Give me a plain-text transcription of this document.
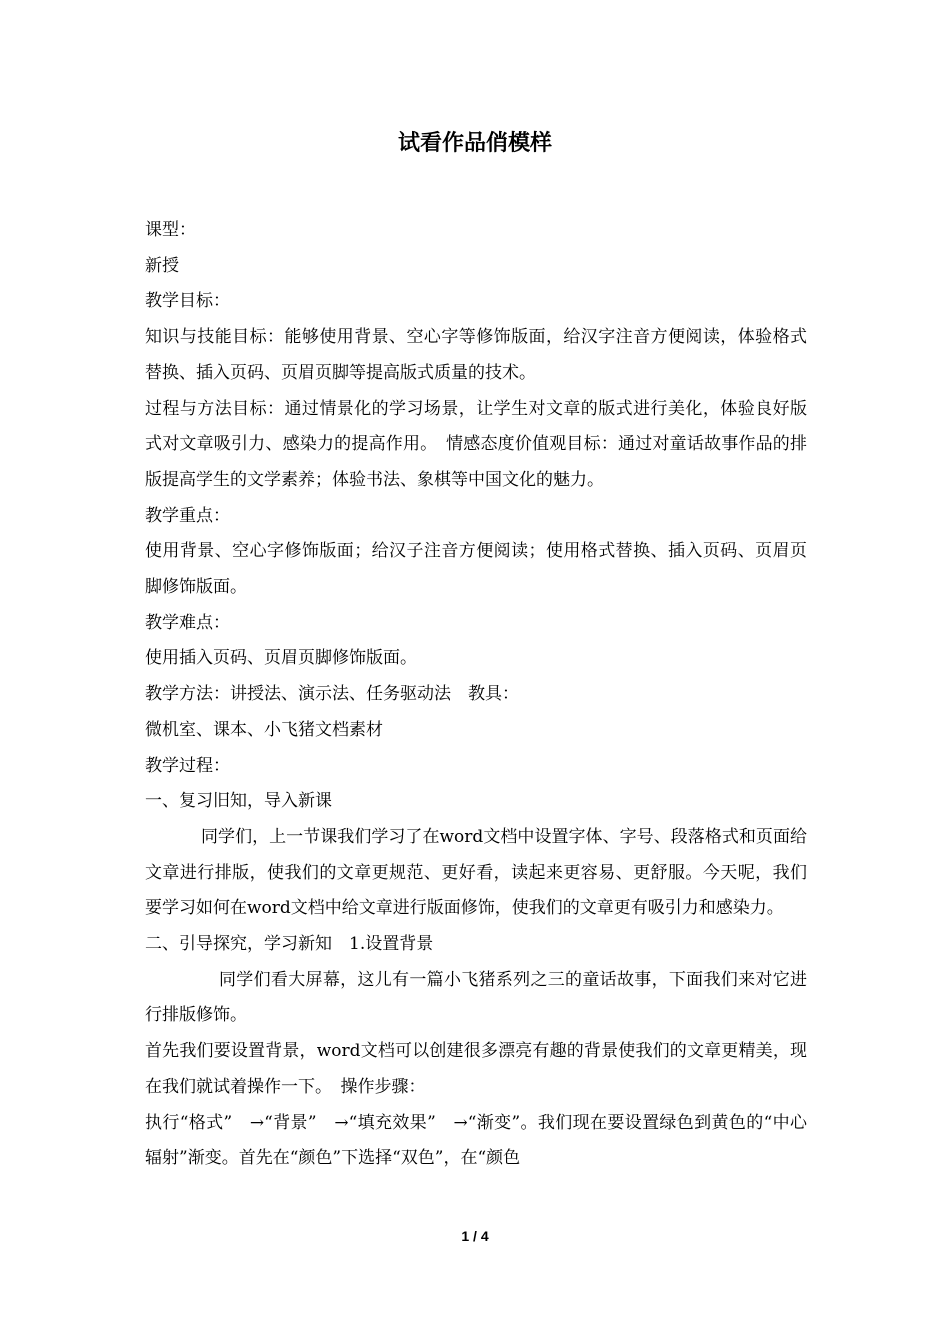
试看作品俏模样

课型：

新授

教学目标：

知识与技能目标：能够使用背景、空心字等修饰版面，给汉字注音方便阅读，体验格式替换、插入页码、页眉页脚等提高版式质量的技术。

过程与方法目标：通过情景化的学习场景，让学生对文章的版式进行美化，体验良好版式对文章吸引力、感染力的提高作用。　情感态度价值观目标：通过对童话故事作品的排版提高学生的文学素养；体验书法、象棋等中国文化的魅力。

教学重点：

使用背景、空心字修饰版面；给汉子注音方便阅读；使用格式替换、插入页码、页眉页脚修饰版面。

教学难点：

使用插入页码、页眉页脚修饰版面。

教学方法：讲授法、演示法、任务驱动法　教具：

微机室、课本、小飞猪文档素材

教学过程：

一、复习旧知，导入新课

同学们，上一节课我们学习了在word文档中设置字体、字号、段落格式和页面给文章进行排版，使我们的文章更规范、更好看，读起来更容易、更舒服。今天呢，我们要学习如何在word文档中给文章进行版面修饰，使我们的文章更有吸引力和感染力。

二、引导探究，学习新知　1.设置背景

同学们看大屏幕，这儿有一篇小飞猪系列之三的童话故事，下面我们来对它进行排版修饰。

首先我们要设置背景，word文档可以创建很多漂亮有趣的背景使我们的文章更精美，现在我们就试着操作一下。　操作步骤：

执行“格式”　→“背景”　→“填充效果”　→“渐变”。我们现在要设置绿色到黄色的“中心辐射”渐变。首先在“颜色”下选择“双色”，在“颜色

1 / 4
